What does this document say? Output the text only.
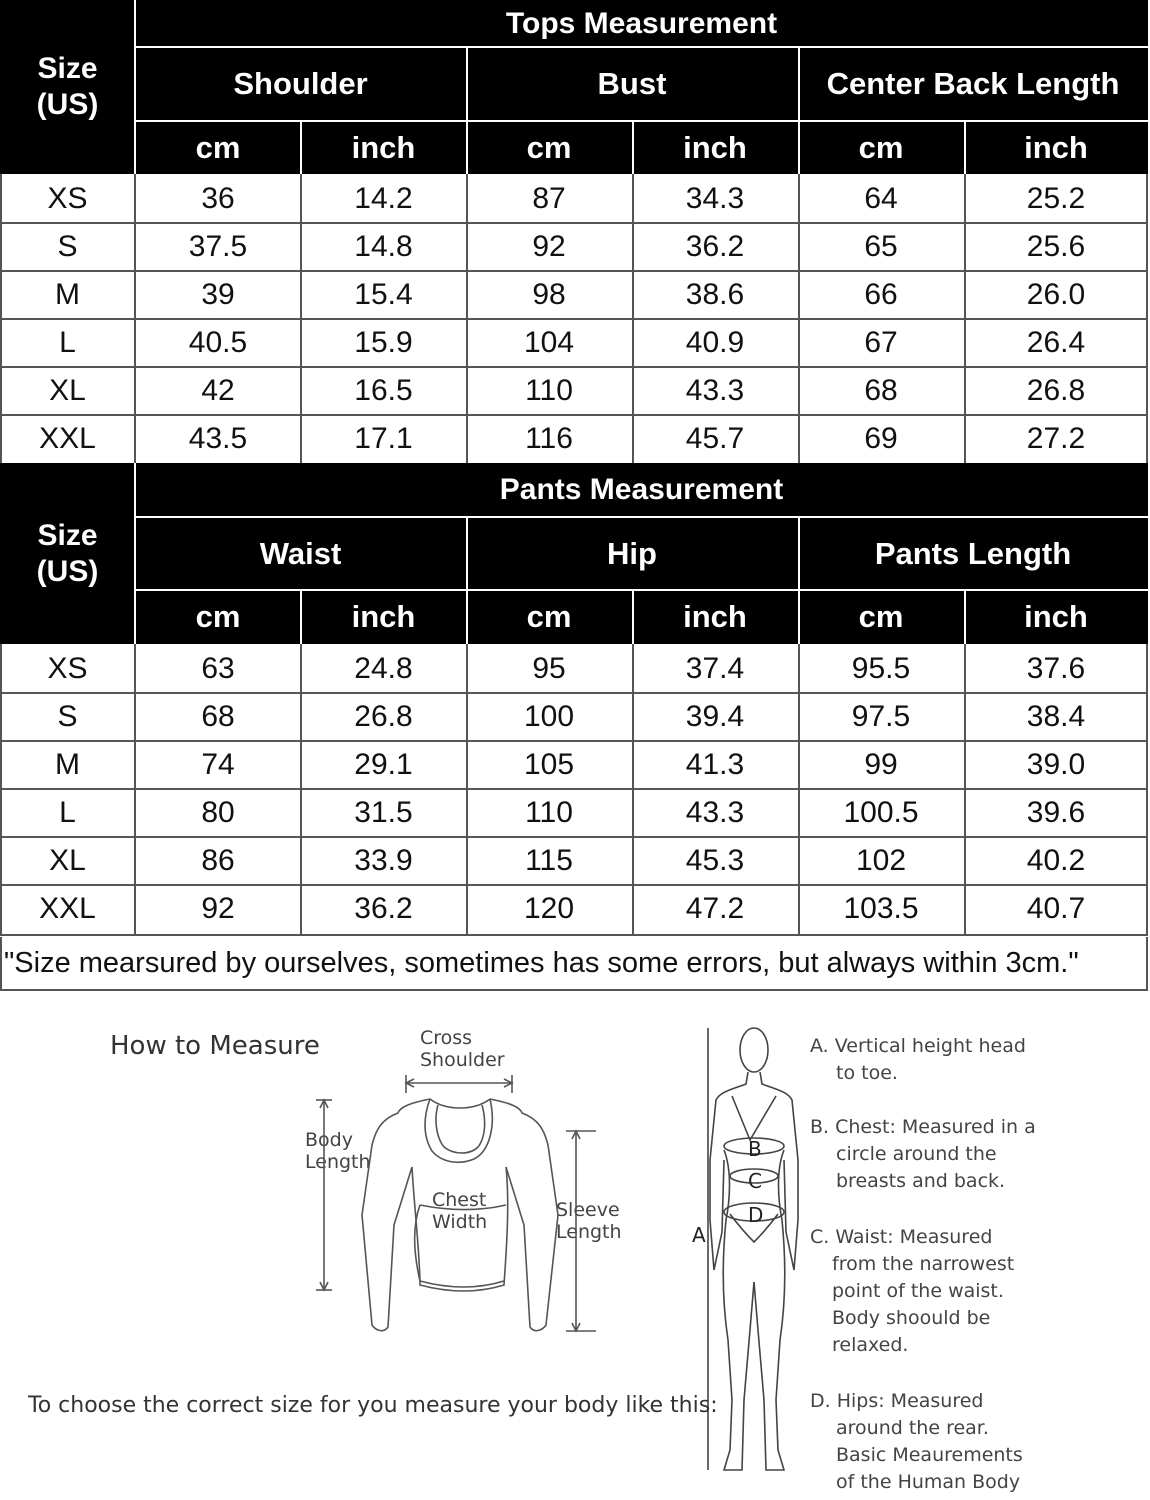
Size
(US)
Tops Measurement
Shoulder	Bust	Center Back Length
cm	inch	cm	inch	cm	inch
XS	36	14.2	87	34.3	64	25.2
S	37.5	14.8	92	36.2	65	25.6
M	39	15.4	98	38.6	66	26.0
L	40.5	15.9	104	40.9	67	26.4
XL	42	16.5	110	43.3	68	26.8
XXL	43.5	17.1	116	45.7	69	27.2
Size
(US)
Pants Measurement
Waist	Hip	Pants Length
cm	inch	cm	inch	cm	inch
XS	63	24.8	95	37.4	95.5	37.6
S	68	26.8	100	39.4	97.5	38.4
M	74	29.1	105	41.3	99	39.0
L	80	31.5	110	43.3	100.5	39.6
XL	86	33.9	115	45.3	102	40.2
XXL	92	36.2	120	47.2	103.5	40.7
"Size mearsured by ourselves, sometimes has some errors, but always within 3cm."
How to Measure	Cross
Shoulder
Body
Length
Chest
Width
Sleeve
Length	A
B
C
D
A. Vertical height head
to toe.
B. Chest: Measured in a
circle around the
breasts and back.
C. Waist: Measured
from the narrowest
point of the waist.
Body shoould be
relaxed.
D. Hips: Measured
around the rear.
Basic Meaurements
of the Human Body
To choose the correct size for you measure your body like this:
